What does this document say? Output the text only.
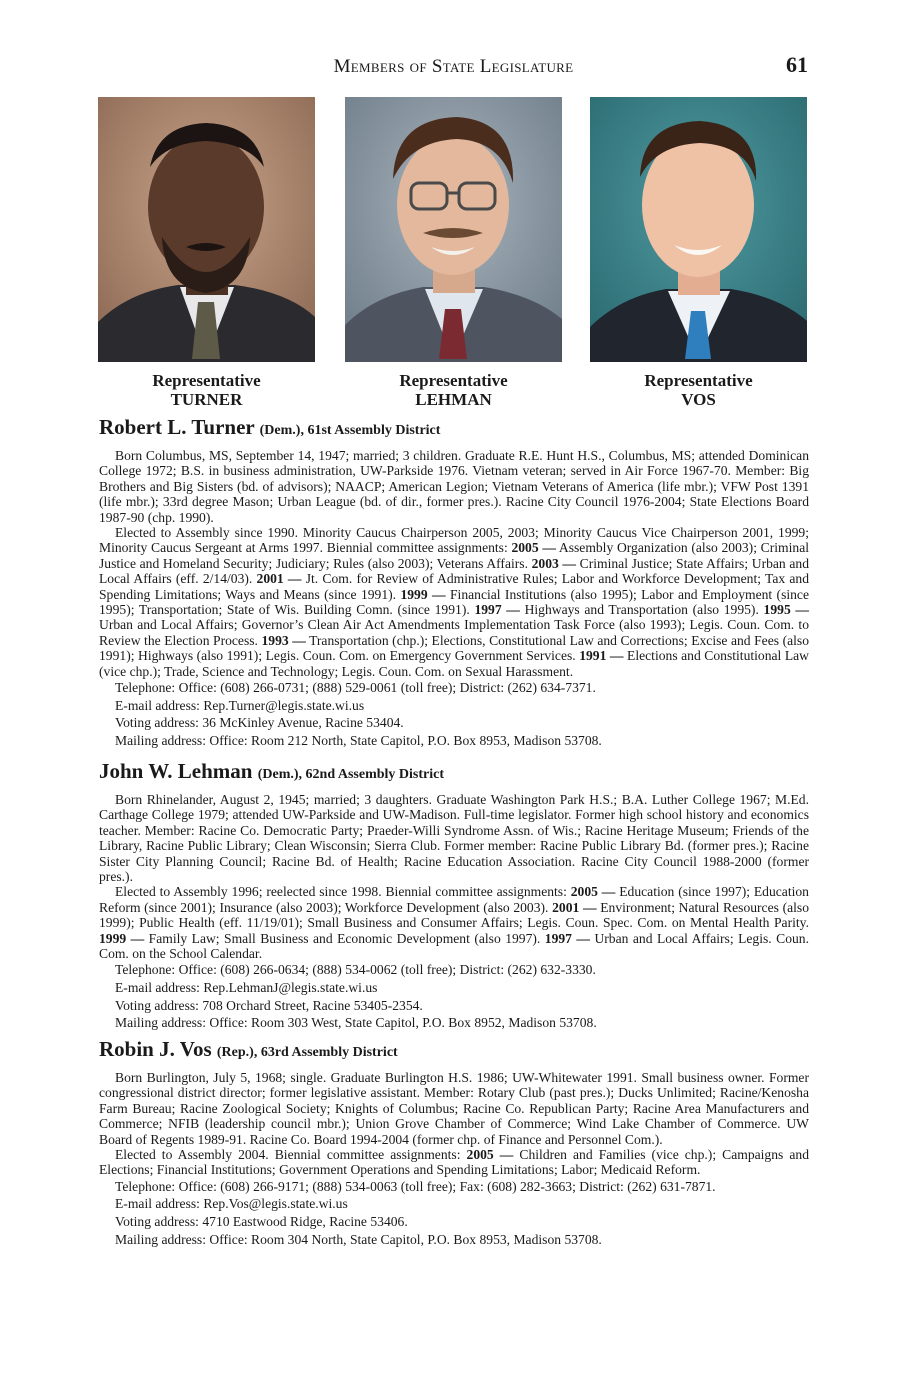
Members of State Legislature	61
Representative
TURNER
Representative
LEHMAN
Representative
VOS
Robert L. Turner (Dem.), 61st Assembly District

Born Columbus, MS, September 14, 1947; married; 3 children. Graduate R.E. Hunt H.S., Columbus, MS; attended Dominican College 1972; B.S. in business administration, UW-Parkside 1976. Vietnam veteran; served in Air Force 1967-70. Member: Big Brothers and Big Sisters (bd. of advisors); NAACP; American Legion; Vietnam Veterans of America (life mbr.); VFW Post 1391 (life mbr.); 33rd degree Mason; Urban League (bd. of dir., former pres.). Racine City Council 1976-2004; State Elections Board 1987-90 (chp. 1990).

Elected to Assembly since 1990. Minority Caucus Chairperson 2005, 2003; Minority Caucus Vice Chairperson 2001, 1999; Minority Caucus Sergeant at Arms 1997. Biennial committee assignments: 2005 — Assembly Organization (also 2003); Criminal Justice and Homeland Security; Judiciary; Rules (also 2003); Veterans Affairs. 2003 — Criminal Justice; State Affairs; Urban and Local Affairs (eff. 2/14/03). 2001 — Jt. Com. for Review of Administrative Rules; Labor and Workforce Development; Tax and Spending Limitations; Ways and Means (since 1991). 1999 — Financial Institutions (also 1995); Labor and Employment (since 1995); Transportation; State of Wis. Building Comn. (since 1991). 1997 — Highways and Transportation (also 1995). 1995 — Urban and Local Affairs; Governor’s Clean Air Act Amendments Implementation Task Force (also 1993); Legis. Coun. Com. to Review the Election Process. 1993 — Transportation (chp.); Elections, Constitutional Law and Corrections; Excise and Fees (also 1991); Highways (also 1991); Legis. Coun. Com. on Emergency Government Services. 1991 — Elections and Constitutional Law (vice chp.); Trade, Science and Technology; Legis. Coun. Com. on Sexual Harassment.

Telephone: Office: (608) 266-0731; (888) 529-0061 (toll free); District: (262) 634-7371.

E-mail address: Rep.Turner@legis.state.wi.us

Voting address: 36 McKinley Avenue, Racine 53404.

Mailing address: Office: Room 212 North, State Capitol, P.O. Box 8953, Madison 53708.

John W. Lehman (Dem.), 62nd Assembly District

Born Rhinelander, August 2, 1945; married; 3 daughters. Graduate Washington Park H.S.; B.A. Luther College 1967; M.Ed. Carthage College 1979; attended UW-Parkside and UW-Madison. Full-time legislator. Former high school history and economics teacher. Member: Racine Co. Democratic Party; Praeder-Willi Syndrome Assn. of Wis.; Racine Heritage Museum; Friends of the Library, Racine Public Library; Clean Wisconsin; Sierra Club. Former member: Racine Public Library Bd. (former pres.); Racine Sister City Planning Council; Racine Bd. of Health; Racine Education Association. Racine City Council 1988-2000 (former pres.).

Elected to Assembly 1996; reelected since 1998. Biennial committee assignments: 2005 — Education (since 1997); Education Reform (since 2001); Insurance (also 2003); Workforce Development (also 2003). 2001 — Environment; Natural Resources (also 1999); Public Health (eff. 11/19/01); Small Business and Consumer Affairs; Legis. Coun. Spec. Com. on Mental Health Parity. 1999 — Family Law; Small Business and Economic Development (also 1997). 1997 — Urban and Local Affairs; Legis. Coun. Com. on the School Calendar.

Telephone: Office: (608) 266-0634; (888) 534-0062 (toll free); District: (262) 632-3330.

E-mail address: Rep.LehmanJ@legis.state.wi.us

Voting address: 708 Orchard Street, Racine 53405-2354.

Mailing address: Office: Room 303 West, State Capitol, P.O. Box 8952, Madison 53708.

Robin J. Vos (Rep.), 63rd Assembly District

Born Burlington, July 5, 1968; single. Graduate Burlington H.S. 1986; UW-Whitewater 1991. Small business owner. Former congressional district director; former legislative assistant. Member: Rotary Club (past pres.); Ducks Unlimited; Racine/Kenosha Farm Bureau; Racine Zoological Society; Knights of Columbus; Racine Co. Republican Party; Racine Area Manufacturers and Commerce; NFIB (leadership council mbr.); Union Grove Chamber of Commerce; Wind Lake Chamber of Commerce. UW Board of Regents 1989-91. Racine Co. Board 1994-2004 (former chp. of Finance and Personnel Com.).

Elected to Assembly 2004. Biennial committee assignments: 2005 — Children and Families (vice chp.); Campaigns and Elections; Financial Institutions; Government Operations and Spending Limitations; Labor; Medicaid Reform.

Telephone: Office: (608) 266-9171; (888) 534-0063 (toll free); Fax: (608) 282-3663; District: (262) 631-7871.

E-mail address: Rep.Vos@legis.state.wi.us

Voting address: 4710 Eastwood Ridge, Racine 53406.

Mailing address: Office: Room 304 North, State Capitol, P.O. Box 8953, Madison 53708.
